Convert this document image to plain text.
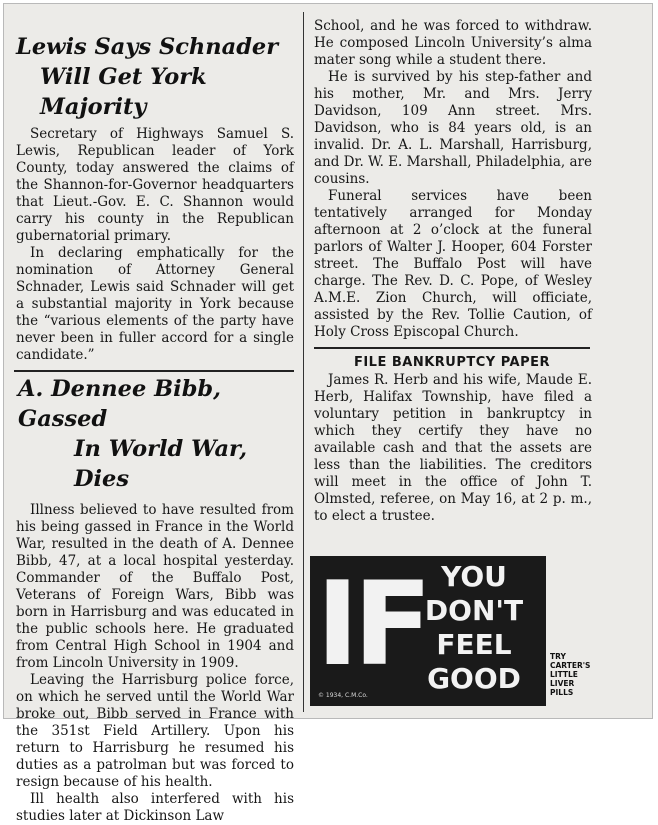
Lewis Says Schnader
Will Get York Majority

Secretary of Highways Samuel S. Lewis, Republican leader of York County, today answered the claims of the Shannon-for-Governor headquarters that Lieut.-Gov. E. C. Shannon would carry his county in the Republican gubernatorial primary.

In declaring emphatically for the nomination of Attorney General Schnader, Lewis said Schnader will get a substantial majority in York because the “various elements of the party have never been in fuller accord for a single candidate.”

A. Dennee Bibb, Gassed
In World War, Dies

Illness believed to have resulted from his being gassed in France in the World War, resulted in the death of A. Dennee Bibb, 47, at a local hospital yesterday. Commander of the Buffalo Post, Veterans of Foreign Wars, Bibb was born in Harrisburg and was educated in the public schools here. He graduated from Central High School in 1904 and from Lincoln University in 1909.

Leaving the Harrisburg police force, on which he served until the World War broke out, Bibb served in France with the 351st Field Artillery. Upon his return to Harrisburg he resumed his duties as a patrolman but was forced to resign because of his health.

Ill health also interfered with his studies later at Dickinson Law

School, and he was forced to withdraw. He composed Lincoln University’s alma mater song while a student there.

He is survived by his step-father and his mother, Mr. and Mrs. Jerry Davidson, 109 Ann street. Mrs. Davidson, who is 84 years old, is an invalid. Dr. A. L. Marshall, Harrisburg, and Dr. W. E. Marshall, Philadelphia, are cousins.

Funeral services have been tentatively arranged for Monday afternoon at 2 o’clock at the funeral parlors of Walter J. Hooper, 604 Forster street. The Buffalo Post will have charge. The Rev. D. C. Pope, of Wesley A.M.E. Zion Church, will officiate, assisted by the Rev. Tollie Caution, of Holy Cross Episcopal Church.

FILE BANKRUPTCY PAPER

James R. Herb and his wife, Maude E. Herb, Halifax Township, have filed a voluntary petition in bankruptcy in which they certify they have no available cash and that the assets are less than the liabilities. The creditors will meet in the office of John T. Olmsted, referee, on May 16, at 2 p. m., to elect a trustee.

IF YOU
DON'T
FEEL
GOOD
© 1934, C.M.Co.
TRY
CARTER'S
LITTLE
LIVER
PILLS
